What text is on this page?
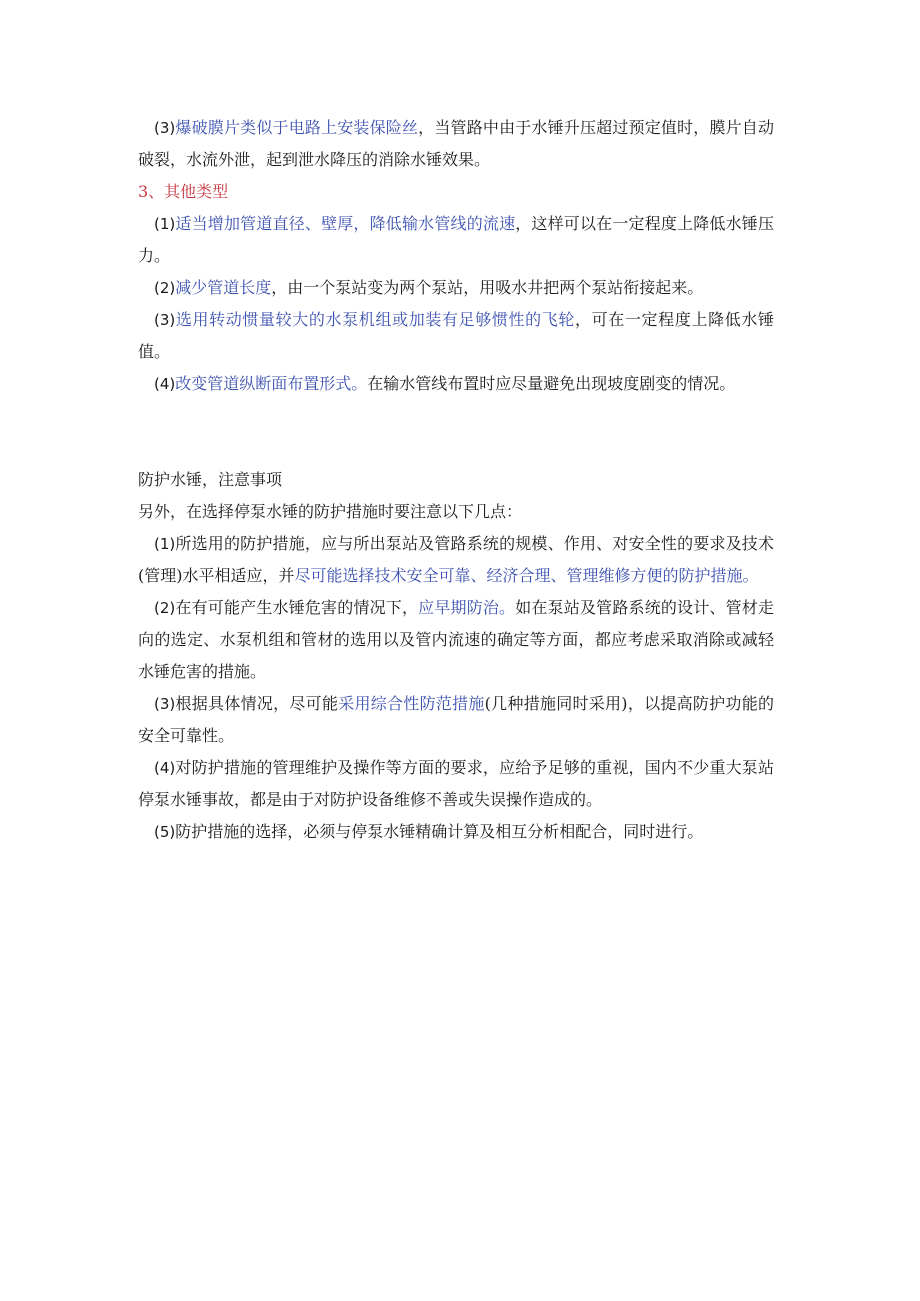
(3)爆破膜片类似于电路上安装保险丝，当管路中由于水锤升压超过预定值时，膜片自动破裂，水流外泄，起到泄水降压的消除水锤效果。

3、其他类型

(1)适当增加管道直径、壁厚，降低输水管线的流速，这样可以在一定程度上降低水锤压力。

(2)减少管道长度，由一个泵站变为两个泵站，用吸水井把两个泵站衔接起来。

(3)选用转动惯量较大的水泵机组或加装有足够惯性的飞轮，可在一定程度上降低水锤值。

(4)改变管道纵断面布置形式。在输水管线布置时应尽量避免出现坡度剧变的情况。

防护水锤，注意事项

另外，在选择停泵水锤的防护措施时要注意以下几点：

(1)所选用的防护措施，应与所出泵站及管路系统的规模、作用、对安全性的要求及技术(管理)水平相适应，并尽可能选择技术安全可靠、经济合理、管理维修方便的防护措施。

(2)在有可能产生水锤危害的情况下，应早期防治。如在泵站及管路系统的设计、管材走向的选定、水泵机组和管材的选用以及管内流速的确定等方面，都应考虑采取消除或减轻水锤危害的措施。

(3)根据具体情况，尽可能采用综合性防范措施(几种措施同时采用)，以提高防护功能的安全可靠性。

(4)对防护措施的管理维护及操作等方面的要求，应给予足够的重视，国内不少重大泵站停泵水锤事故，都是由于对防护设备维修不善或失误操作造成的。

(5)防护措施的选择，必须与停泵水锤精确计算及相互分析相配合，同时进行。
